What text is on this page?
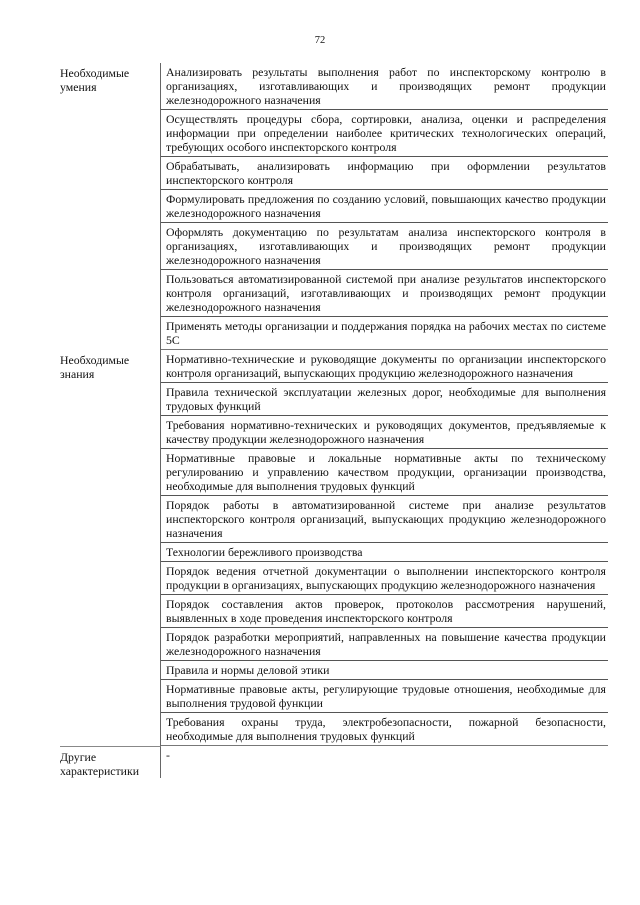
72
Необходимые
умения
Анализировать результаты выполнения работ по инспекторскому контролю в организациях, изготавливающих и производящих ремонт продукции железнодорожного назначения
Осуществлять процедуры сбора, сортировки, анализа, оценки и распределения информации при определении наиболее критических технологических операций, требующих особого инспекторского контроля
Обрабатывать, анализировать информацию при оформлении результатов инспекторского контроля
Формулировать предложения по созданию условий, повышающих качество продукции железнодорожного назначения
Оформлять документацию по результатам анализа инспекторского контроля в организациях, изготавливающих и производящих ремонт продукции железнодорожного назначения
Пользоваться автоматизированной системой при анализе результатов инспекторского контроля организаций, изготавливающих и производящих ремонт продукции железнодорожного назначения
Применять методы организации и поддержания порядка на рабочих местах по системе 5С
Необходимые
знания
Нормативно-технические и руководящие документы по организации инспекторского контроля организаций, выпускающих продукцию железнодорожного назначения
Правила технической эксплуатации железных дорог, необходимые для выполнения трудовых функций
Требования нормативно-технических и руководящих документов, предъявляемые к качеству продукции железнодорожного назначения
Нормативные правовые и локальные нормативные акты по техническому регулированию и управлению качеством продукции, организации производства, необходимые для выполнения трудовых функций
Порядок работы в автоматизированной системе при анализе результатов инспекторского контроля организаций, выпускающих продукцию железнодорожного назначения
Технологии бережливого производства
Порядок ведения отчетной документации о выполнении инспекторского контроля продукции в организациях, выпускающих продукцию железнодорожного назначения
Порядок составления актов проверок, протоколов рассмотрения нарушений, выявленных в ходе проведения инспекторского контроля
Порядок разработки мероприятий, направленных на повышение качества продукции железнодорожного назначения
Правила и нормы деловой этики
Нормативные правовые акты, регулирующие трудовые отношения, необходимые для выполнения трудовой функции
Требования охраны труда, электробезопасности, пожарной безопасности, необходимые для выполнения трудовых функций
Другие
характеристики
-
